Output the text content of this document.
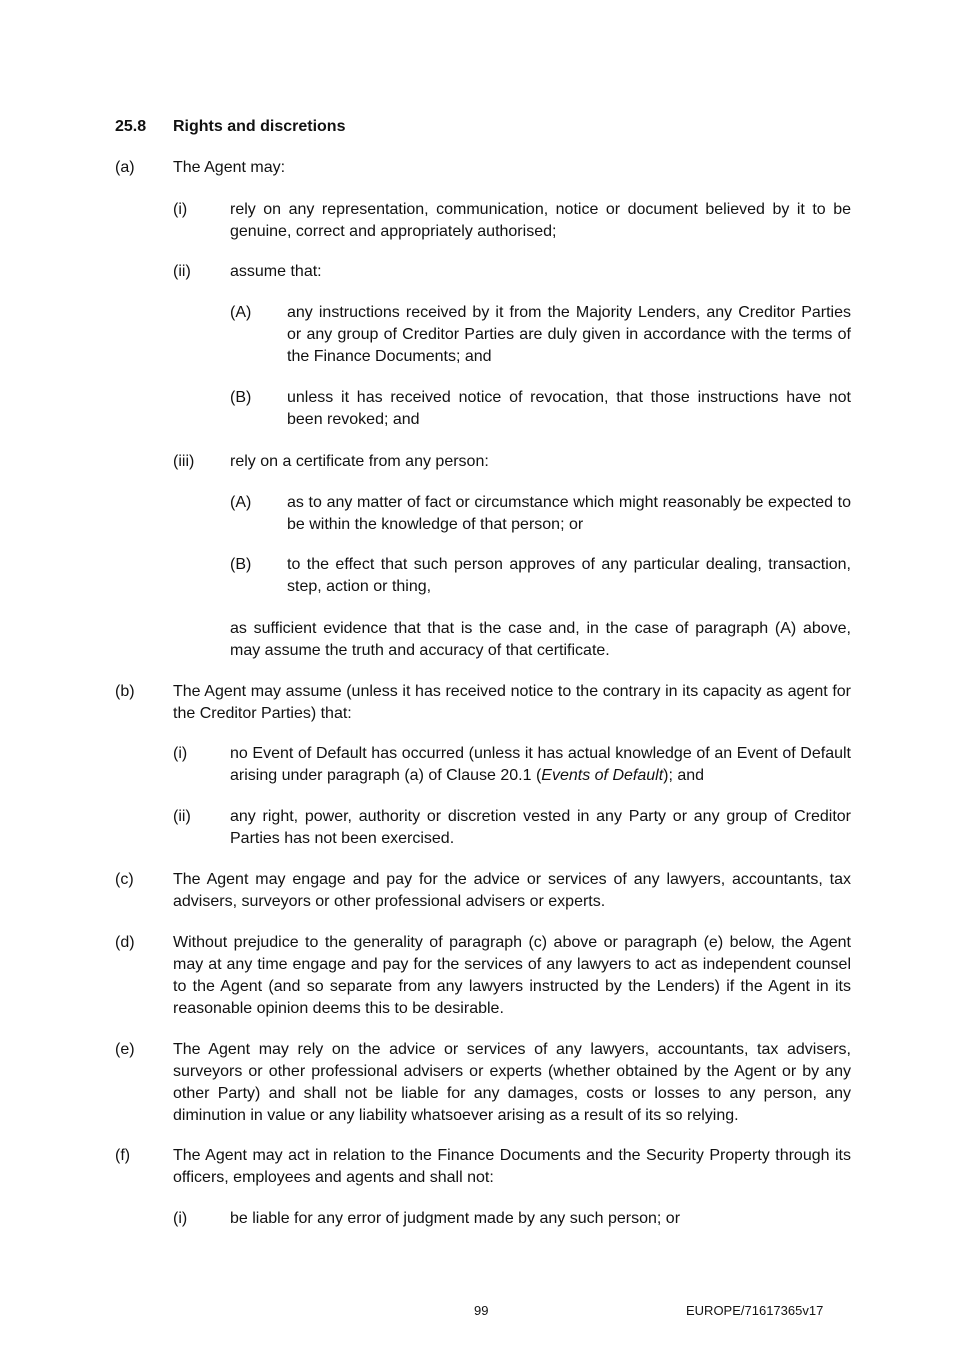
25.8 Rights and discretions
(a) The Agent may:
(i)	rely on any representation, communication, notice or document believed by it to be genuine, correct and appropriately authorised;
(ii) assume that:
(A) any instructions received by it from the Majority Lenders, any Creditor Parties or any group of Creditor Parties are duly given in accordance with the terms of the Finance Documents; and
(B) unless it has received notice of revocation, that those instructions have not been revoked; and
(iii) rely on a certificate from any person:
(A) as to any matter of fact or circumstance which might reasonably be expected to be within the knowledge of that person; or
(B) to the effect that such person approves of any particular dealing, transaction, step, action or thing,
as sufficient evidence that that is the case and, in the case of paragraph (A) above, may assume the truth and accuracy of that certificate.
(b) The Agent may assume (unless it has received notice to the contrary in its capacity as agent for the Creditor Parties) that:
(i)	no Event of Default has occurred (unless it has actual knowledge of an Event of Default arising under paragraph (a) of Clause 20.1 (Events of Default); and
(ii) any right, power, authority or discretion vested in any Party or any group of Creditor Parties has not been exercised.
(c) The Agent may engage and pay for the advice or services of any lawyers, accountants, tax advisers, surveyors or other professional advisers or experts.
(d) Without prejudice to the generality of paragraph (c) above or paragraph (e) below, the Agent may at any time engage and pay for the services of any lawyers to act as independent counsel to the Agent (and so separate from any lawyers instructed by the Lenders) if the Agent in its reasonable opinion deems this to be desirable.
(e) The Agent may rely on the advice or services of any lawyers, accountants, tax advisers, surveyors or other professional advisers or experts (whether obtained by the Agent or by any other Party) and shall not be liable for any damages, costs or losses to any person, any diminution in value or any liability whatsoever arising as a result of its so relying.
(f)	The Agent may act in relation to the Finance Documents and the Security Property through its officers, employees and agents and shall not:
(i)	be liable for any error of judgment made by any such person; or
99	EUROPE/71617365v17
